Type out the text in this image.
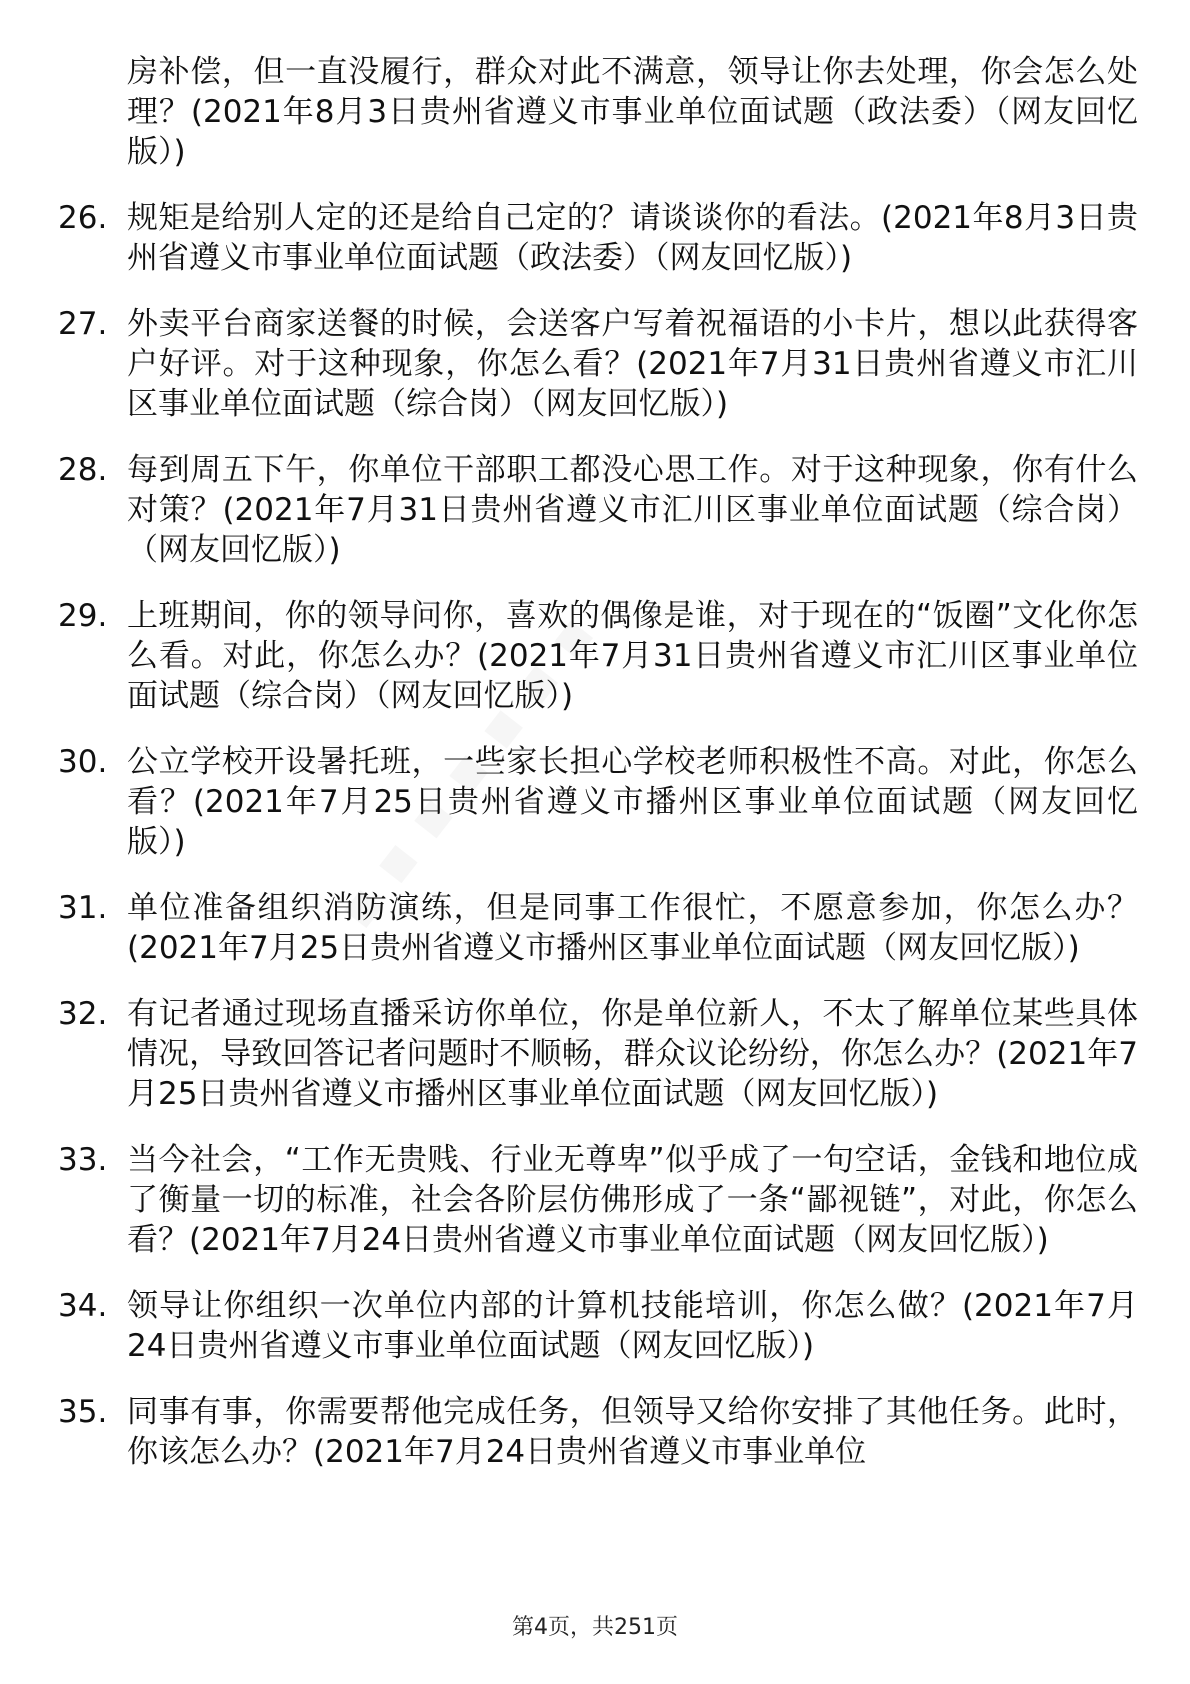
房补偿，但一直没履行，群众对此不满意，领导让你去处理，你会怎么处理？(2021年8月3日贵州省遵义市事业单位面试题（政法委）（网友回忆版）)
26. 规矩是给别人定的还是给自己定的？请谈谈你的看法。(2021年8月3日贵州省遵义市事业单位面试题（政法委）（网友回忆版）)
27. 外卖平台商家送餐的时候，会送客户写着祝福语的小卡片，想以此获得客户好评。对于这种现象，你怎么看？(2021年7月31日贵州省遵义市汇川区事业单位面试题（综合岗）（网友回忆版）)
28. 每到周五下午，你单位干部职工都没心思工作。对于这种现象，你有什么对策？(2021年7月31日贵州省遵义市汇川区事业单位面试题（综合岗）（网友回忆版）)
29. 上班期间，你的领导问你，喜欢的偶像是谁，对于现在的“饭圈”文化你怎么看。对此，你怎么办？(2021年7月31日贵州省遵义市汇川区事业单位面试题（综合岗）（网友回忆版）)
30. 公立学校开设暑托班，一些家长担心学校老师积极性不高。对此，你怎么看？(2021年7月25日贵州省遵义市播州区事业单位面试题（网友回忆版）)
31. 单位准备组织消防演练，但是同事工作很忙，不愿意参加，你怎么办？(2021年7月25日贵州省遵义市播州区事业单位面试题（网友回忆版）)
32. 有记者通过现场直播采访你单位，你是单位新人，不太了解单位某些具体情况，导致回答记者问题时不顺畅，群众议论纷纷，你怎么办？(2021年7月25日贵州省遵义市播州区事业单位面试题（网友回忆版）)
33. 当今社会，“工作无贵贱、行业无尊卑”似乎成了一句空话，金钱和地位成了衡量一切的标准，社会各阶层仿佛形成了一条“鄙视链”，对此，你怎么看？(2021年7月24日贵州省遵义市事业单位面试题（网友回忆版）)
34. 领导让你组织一次单位内部的计算机技能培训，你怎么做？(2021年7月24日贵州省遵义市事业单位面试题（网友回忆版）)
35. 同事有事，你需要帮他完成任务，但领导又给你安排了其他任务。此时，你该怎么办？(2021年7月24日贵州省遵义市事业单位
第4页，共251页
